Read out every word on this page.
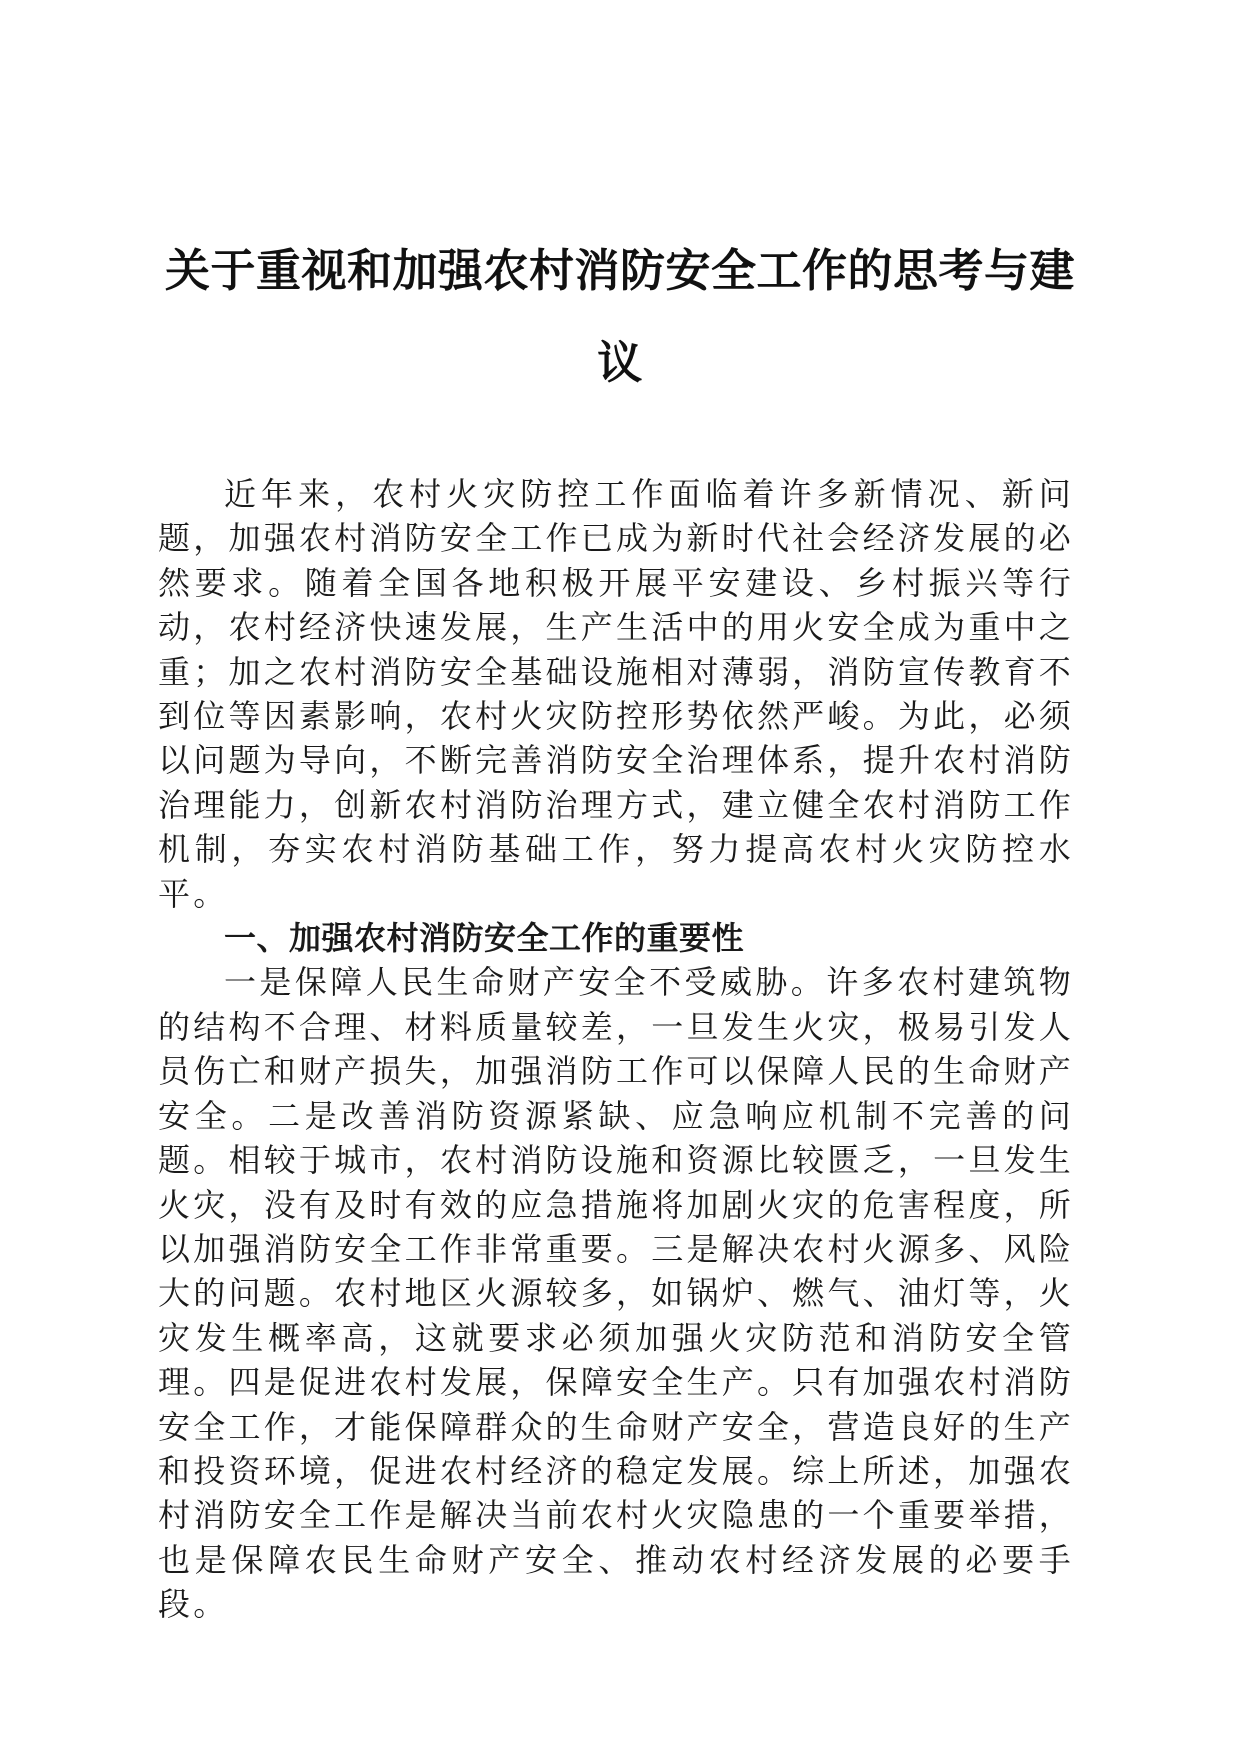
关于重视和加强农村消防安全工作的思考与建议

近年来，农村火灾防控工作面临着许多新情况、新问题，加强农村消防安全工作已成为新时代社会经济发展的必然要求。随着全国各地积极开展平安建设、乡村振兴等行动，农村经济快速发展，生产生活中的用火安全成为重中之重；加之农村消防安全基础设施相对薄弱，消防宣传教育不到位等因素影响，农村火灾防控形势依然严峻。为此，必须以问题为导向，不断完善消防安全治理体系，提升农村消防治理能力，创新农村消防治理方式，建立健全农村消防工作机制，夯实农村消防基础工作，努力提高农村火灾防控水平。

一、加强农村消防安全工作的重要性

一是保障人民生命财产安全不受威胁。许多农村建筑物的结构不合理、材料质量较差，一旦发生火灾，极易引发人员伤亡和财产损失，加强消防工作可以保障人民的生命财产安全。二是改善消防资源紧缺、应急响应机制不完善的问题。相较于城市，农村消防设施和资源比较匮乏，一旦发生火灾，没有及时有效的应急措施将加剧火灾的危害程度，所以加强消防安全工作非常重要。三是解决农村火源多、风险大的问题。农村地区火源较多，如锅炉、燃气、油灯等，火灾发生概率高，这就要求必须加强火灾防范和消防安全管理。四是促进农村发展，保障安全生产。只有加强农村消防安全工作，才能保障群众的生命财产安全，营造良好的生产和投资环境，促进农村经济的稳定发展。综上所述，加强农村消防安全工作是解决当前农村火灾隐患的一个重要举措，也是保障农民生命财产安全、推动农村经济发展的必要手段。
